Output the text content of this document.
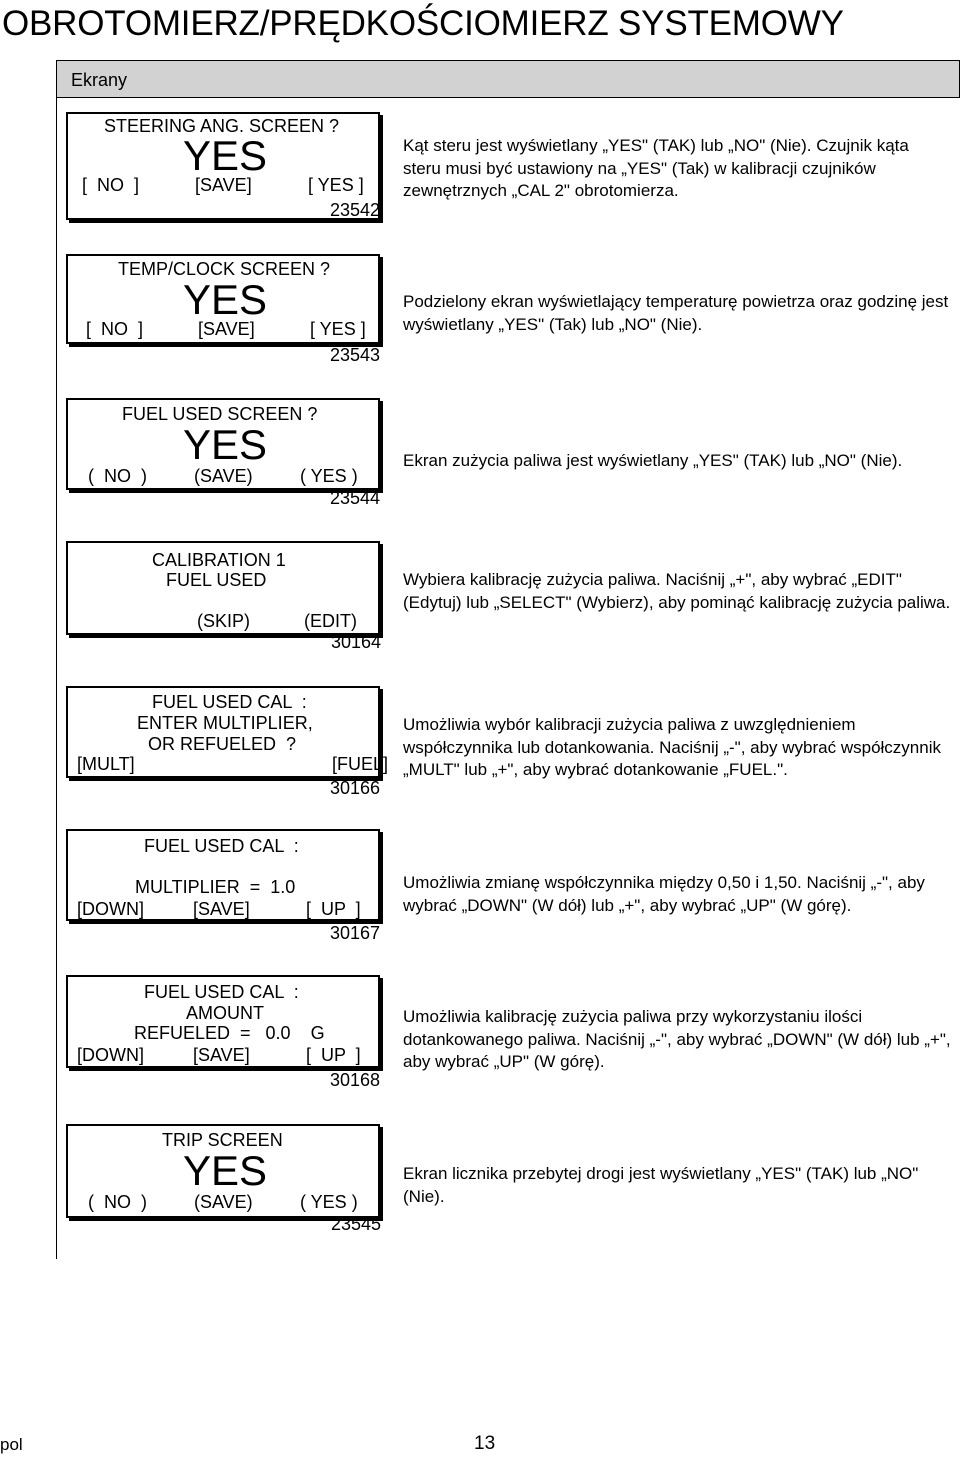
OBROTOMIERZ/PRĘDKOŚCIOMIERZ SYSTEMOWY
Ekrany
STEERING ANG. SCREEN ?
YES
[  NO  ]	[SAVE]	[ YES ]
23542
Kąt steru jest wyświetlany „YES" (TAK) lub „NO" (Nie). Czujnik kąta steru musi być ustawiony na „YES" (Tak) w kalibracji czujników zewnętrznych „CAL 2" obrotomierza.
TEMP/CLOCK SCREEN ?
YES
[  NO  ]	[SAVE]	[ YES ]
23543
Podzielony ekran wyświetlający temperaturę powietrza oraz godzinę jest wyświetlany „YES" (Tak) lub „NO" (Nie).
FUEL USED SCREEN ?
YES
(  NO  )	(SAVE)	( YES )
23544
Ekran zużycia paliwa jest wyświetlany „YES" (TAK) lub „NO" (Nie).
CALIBRATION 1
FUEL USED
(SKIP)	(EDIT)
30164
Wybiera kalibrację zużycia paliwa. Naciśnij „+", aby wybrać „EDIT" (Edytuj) lub „SELECT" (Wybierz), aby pominąć kalibrację zużycia paliwa.
FUEL USED CAL  :
ENTER MULTIPLIER,
OR REFUELED  ?
[MULT]	[FUEL]
30166
Umożliwia wybór kalibracji zużycia paliwa z uwzględnieniem współczynnika lub dotankowania. Naciśnij „-", aby wybrać współczynnik „MULT" lub „+", aby wybrać dotankowanie „FUEL.".
FUEL USED CAL  :
MULTIPLIER  =  1.0
[DOWN]	[SAVE]	[  UP  ]
30167
Umożliwia zmianę współczynnika między 0,50 i 1,50. Naciśnij „-", aby wybrać „DOWN" (W dół) lub „+", aby wybrać „UP" (W górę).
FUEL USED CAL  :
AMOUNT
REFUELED  =   0.0    G
[DOWN]	[SAVE]	[  UP  ]
30168
Umożliwia kalibrację zużycia paliwa przy wykorzystaniu ilości dotankowanego paliwa. Naciśnij „-", aby wybrać „DOWN" (W dół) lub „+", aby wybrać „UP" (W górę).
TRIP SCREEN
YES
(  NO  )	(SAVE)	( YES )
23545
Ekran licznika przebytej drogi jest wyświetlany „YES" (TAK) lub „NO" (Nie).
pol	13
